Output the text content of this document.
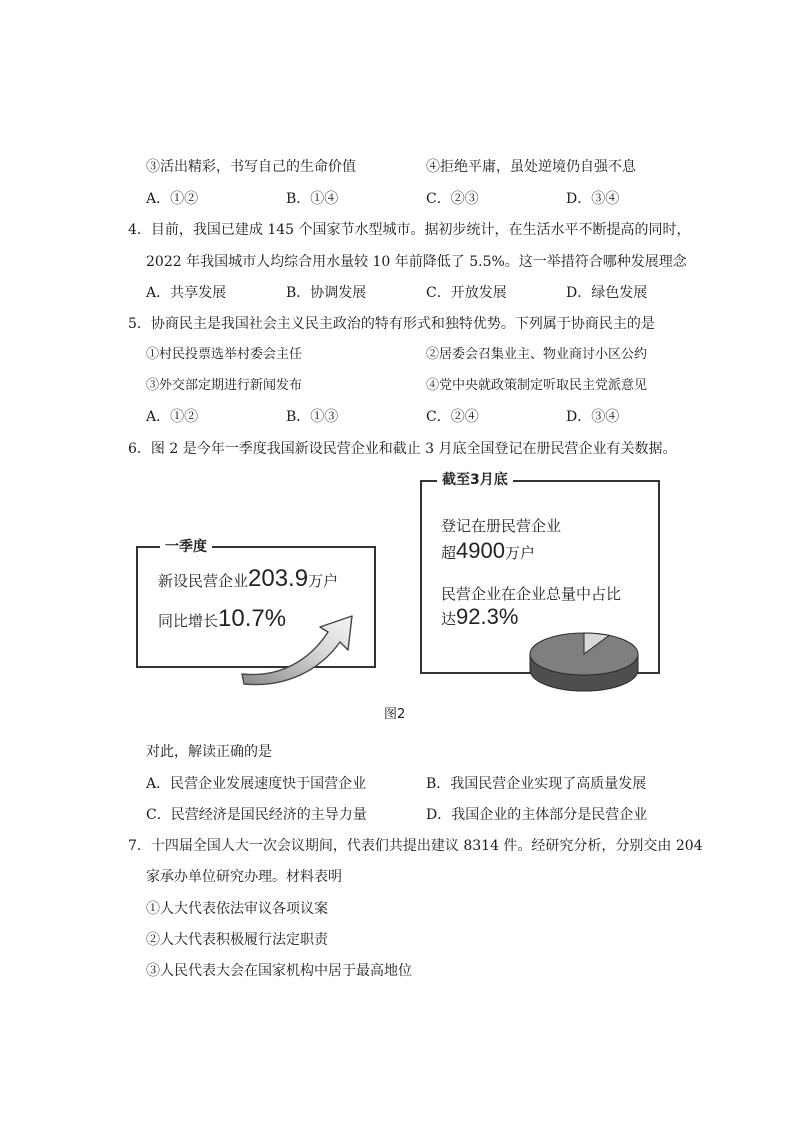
③活出精彩，书写自己的生命价值	④拒绝平庸，虽处逆境仍自强不息
A．①②	B．①④	C．②③	D．③④
4．目前，我国已建成 145 个国家节水型城市。据初步统计，在生活水平不断提高的同时，
2022 年我国城市人均综合用水量较 10 年前降低了 5.5%。这一举措符合哪种发展理念
A．共享发展	B．协调发展	C．开放发展	D．绿色发展
5．协商民主是我国社会主义民主政治的特有形式和独特优势。下列属于协商民主的是
①村民投票选举村委会主任	②居委会召集业主、物业商讨小区公约
③外交部定期进行新闻发布	④党中央就政策制定听取民主党派意见
A．①②	B．①③	C．②④	D．③④
6．图 2 是今年一季度我国新设民营企业和截止 3 月底全国登记在册民营企业有关数据。
一季度
新设民营企业203.9万户
同比增长10.7%
截至3月底
登记在册民营企业
超4900万户
民营企业在企业总量中占比
达92.3%
图2
对此，解读正确的是
A．民营企业发展速度快于国营企业	B．我国民营企业实现了高质量发展
C．民营经济是国民经济的主导力量	D．我国企业的主体部分是民营企业
7．十四届全国人大一次会议期间，代表们共提出建议 8314 件。经研究分析，分别交由 204
家承办单位研究办理。材料表明
①人大代表依法审议各项议案
②人大代表积极履行法定职责
③人民代表大会在国家机构中居于最高地位
